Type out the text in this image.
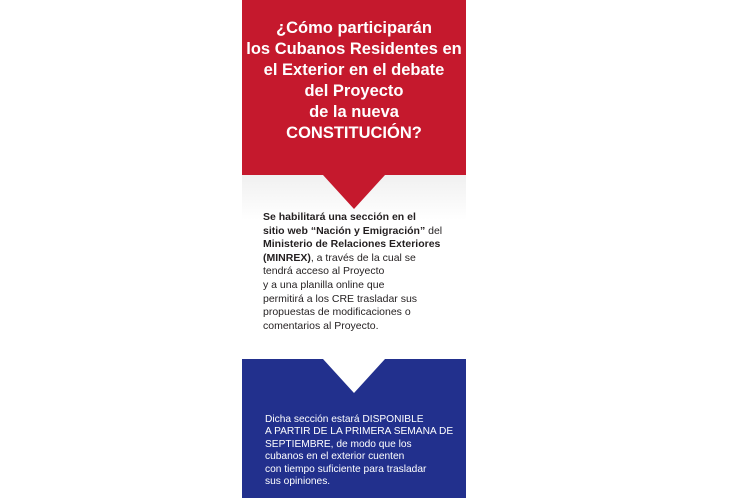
¿Cómo participarán
los Cubanos Residentes en
el Exterior en el debate
del Proyecto
de la nueva
CONSTITUCIÓN?

Se habilitará una sección en el
sitio web “Nación y Emigración” del
Ministerio de Relaciones Exteriores
(MINREX), a través de la cual se
tendrá acceso al Proyecto
y a una planilla online que
permitirá a los CRE trasladar sus
propuestas de modificaciones o
comentarios al Proyecto.

Dicha sección estará DISPONIBLE
A PARTIR DE LA PRIMERA SEMANA DE
SEPTIEMBRE, de modo que los
cubanos en el exterior cuenten
con tiempo suficiente para trasladar
sus opiniones.
